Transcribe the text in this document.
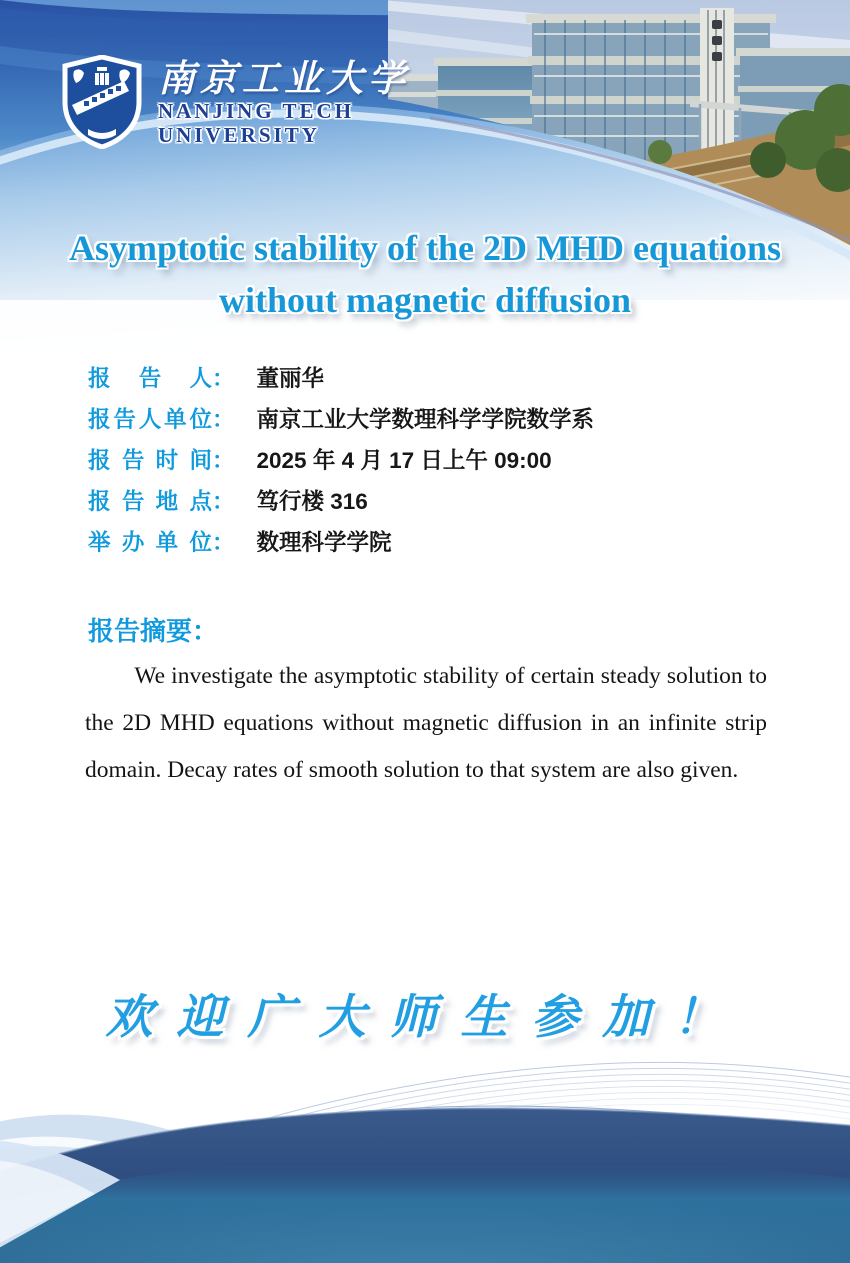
南京工业大学
NANJING TECH
UNIVERSITY
Asymptotic stability of the 2D MHD equations
without magnetic diffusion
报告人： 董丽华
报告人单位： 南京工业大学数理科学学院数学系
报告时间： 2025 年 4 月 17 日上午 09:00
报告地点： 笃行楼 316
举办单位： 数理科学学院
报告摘要：
We investigate the asymptotic stability of certain steady solution to the 2D MHD equations without magnetic diffusion in an infinite strip domain. Decay rates of smooth solution to that system are also given.
欢迎广大师生参加！
